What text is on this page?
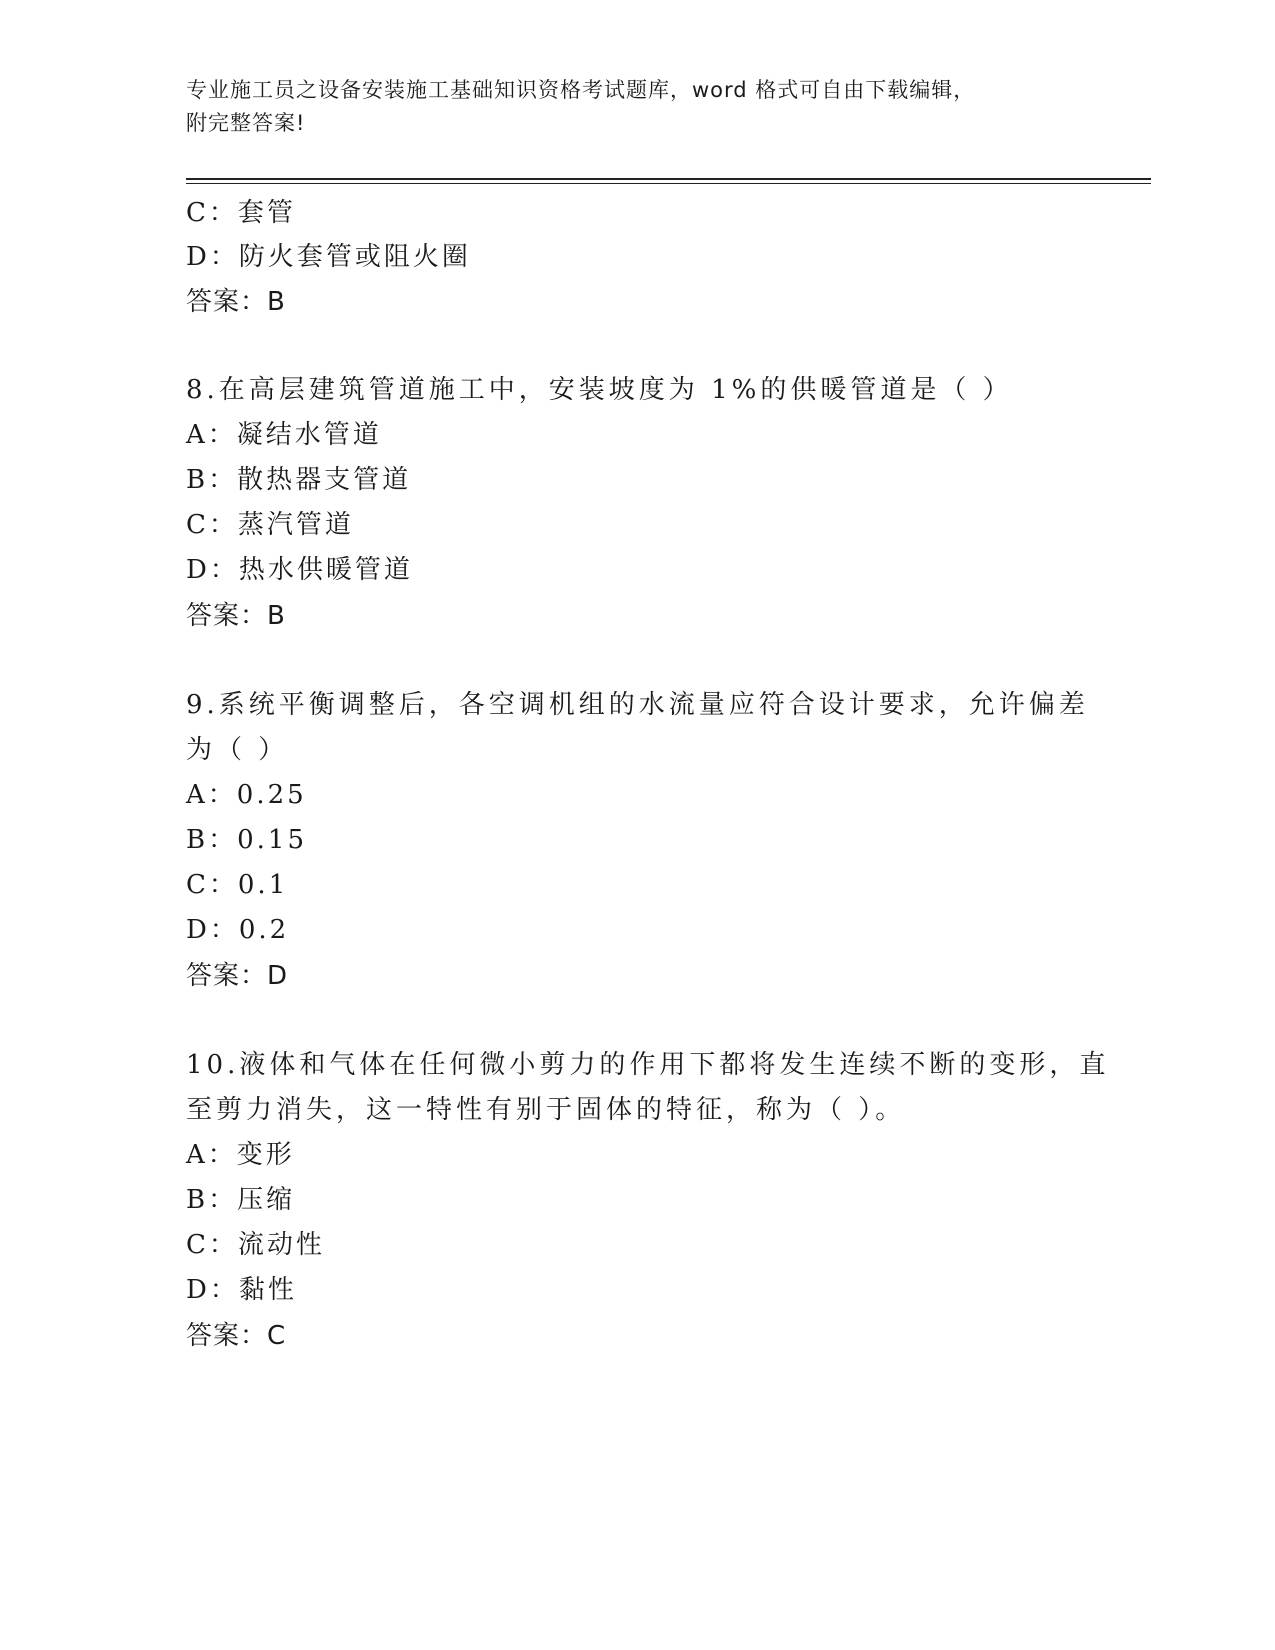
专业施工员之设备安装施工基础知识资格考试题库，word 格式可自由下载编辑，
附完整答案!
C：套管
D：防火套管或阻火圈
答案：B
8.在高层建筑管道施工中，安装坡度为 1%的供暖管道是（ ）
A：凝结水管道
B：散热器支管道
C：蒸汽管道
D：热水供暖管道
答案：B
9.系统平衡调整后，各空调机组的水流量应符合设计要求，允许偏差
为（ ）
A：0.25
B：0.15
C：0.1
D：0.2
答案：D
10.液体和气体在任何微小剪力的作用下都将发生连续不断的变形，直
至剪力消失，这一特性有别于固体的特征，称为（ ）。
A：变形
B：压缩
C：流动性
D：黏性
答案：C
